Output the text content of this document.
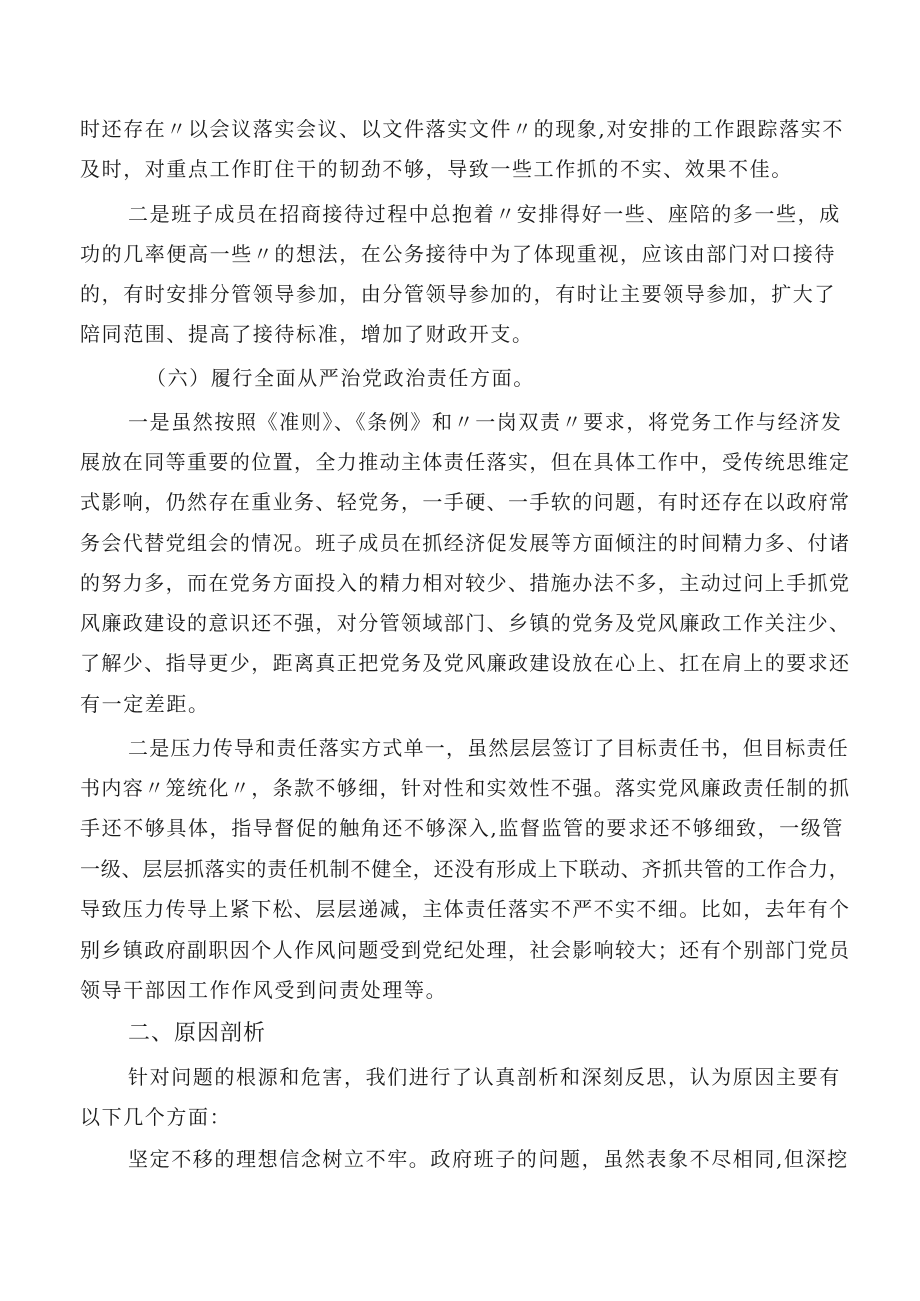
时还存在〃以会议落实会议、以文件落实文件〃的现象,对安排的工作跟踪落实不
及时，对重点工作盯住干的韧劲不够，导致一些工作抓的不实、效果不佳。
二是班子成员在招商接待过程中总抱着〃安排得好一些、座陪的多一些，成
功的几率便高一些〃的想法，在公务接待中为了体现重视，应该由部门对口接待
的，有时安排分管领导参加，由分管领导参加的，有时让主要领导参加，扩大了
陪同范围、提高了接待标准，增加了财政开支。
（六）履行全面从严治党政治责任方面。
一是虽然按照《准则》、《条例》和〃一岗双责〃要求，将党务工作与经济发
展放在同等重要的位置，全力推动主体责任落实，但在具体工作中，受传统思维定
式影响，仍然存在重业务、轻党务，一手硬、一手软的问题，有时还存在以政府常
务会代替党组会的情况。班子成员在抓经济促发展等方面倾注的时间精力多、付诸
的努力多，而在党务方面投入的精力相对较少、措施办法不多，主动过问上手抓党
风廉政建设的意识还不强，对分管领域部门、乡镇的党务及党风廉政工作关注少、
了解少、指导更少，距离真正把党务及党风廉政建设放在心上、扛在肩上的要求还
有一定差距。
二是压力传导和责任落实方式单一，虽然层层签订了目标责任书，但目标责任
书内容〃笼统化〃，条款不够细，针对性和实效性不强。落实党风廉政责任制的抓
手还不够具体，指导督促的触角还不够深入,监督监管的要求还不够细致，一级管
一级、层层抓落实的责任机制不健全，还没有形成上下联动、齐抓共管的工作合力，
导致压力传导上紧下松、层层递减，主体责任落实不严不实不细。比如，去年有个
别乡镇政府副职因个人作风问题受到党纪处理，社会影响较大；还有个别部门党员
领导干部因工作作风受到问责处理等。
二、原因剖析
针对问题的根源和危害，我们进行了认真剖析和深刻反思，认为原因主要有
以下几个方面：
坚定不移的理想信念树立不牢。政府班子的问题，虽然表象不尽相同,但深挖
